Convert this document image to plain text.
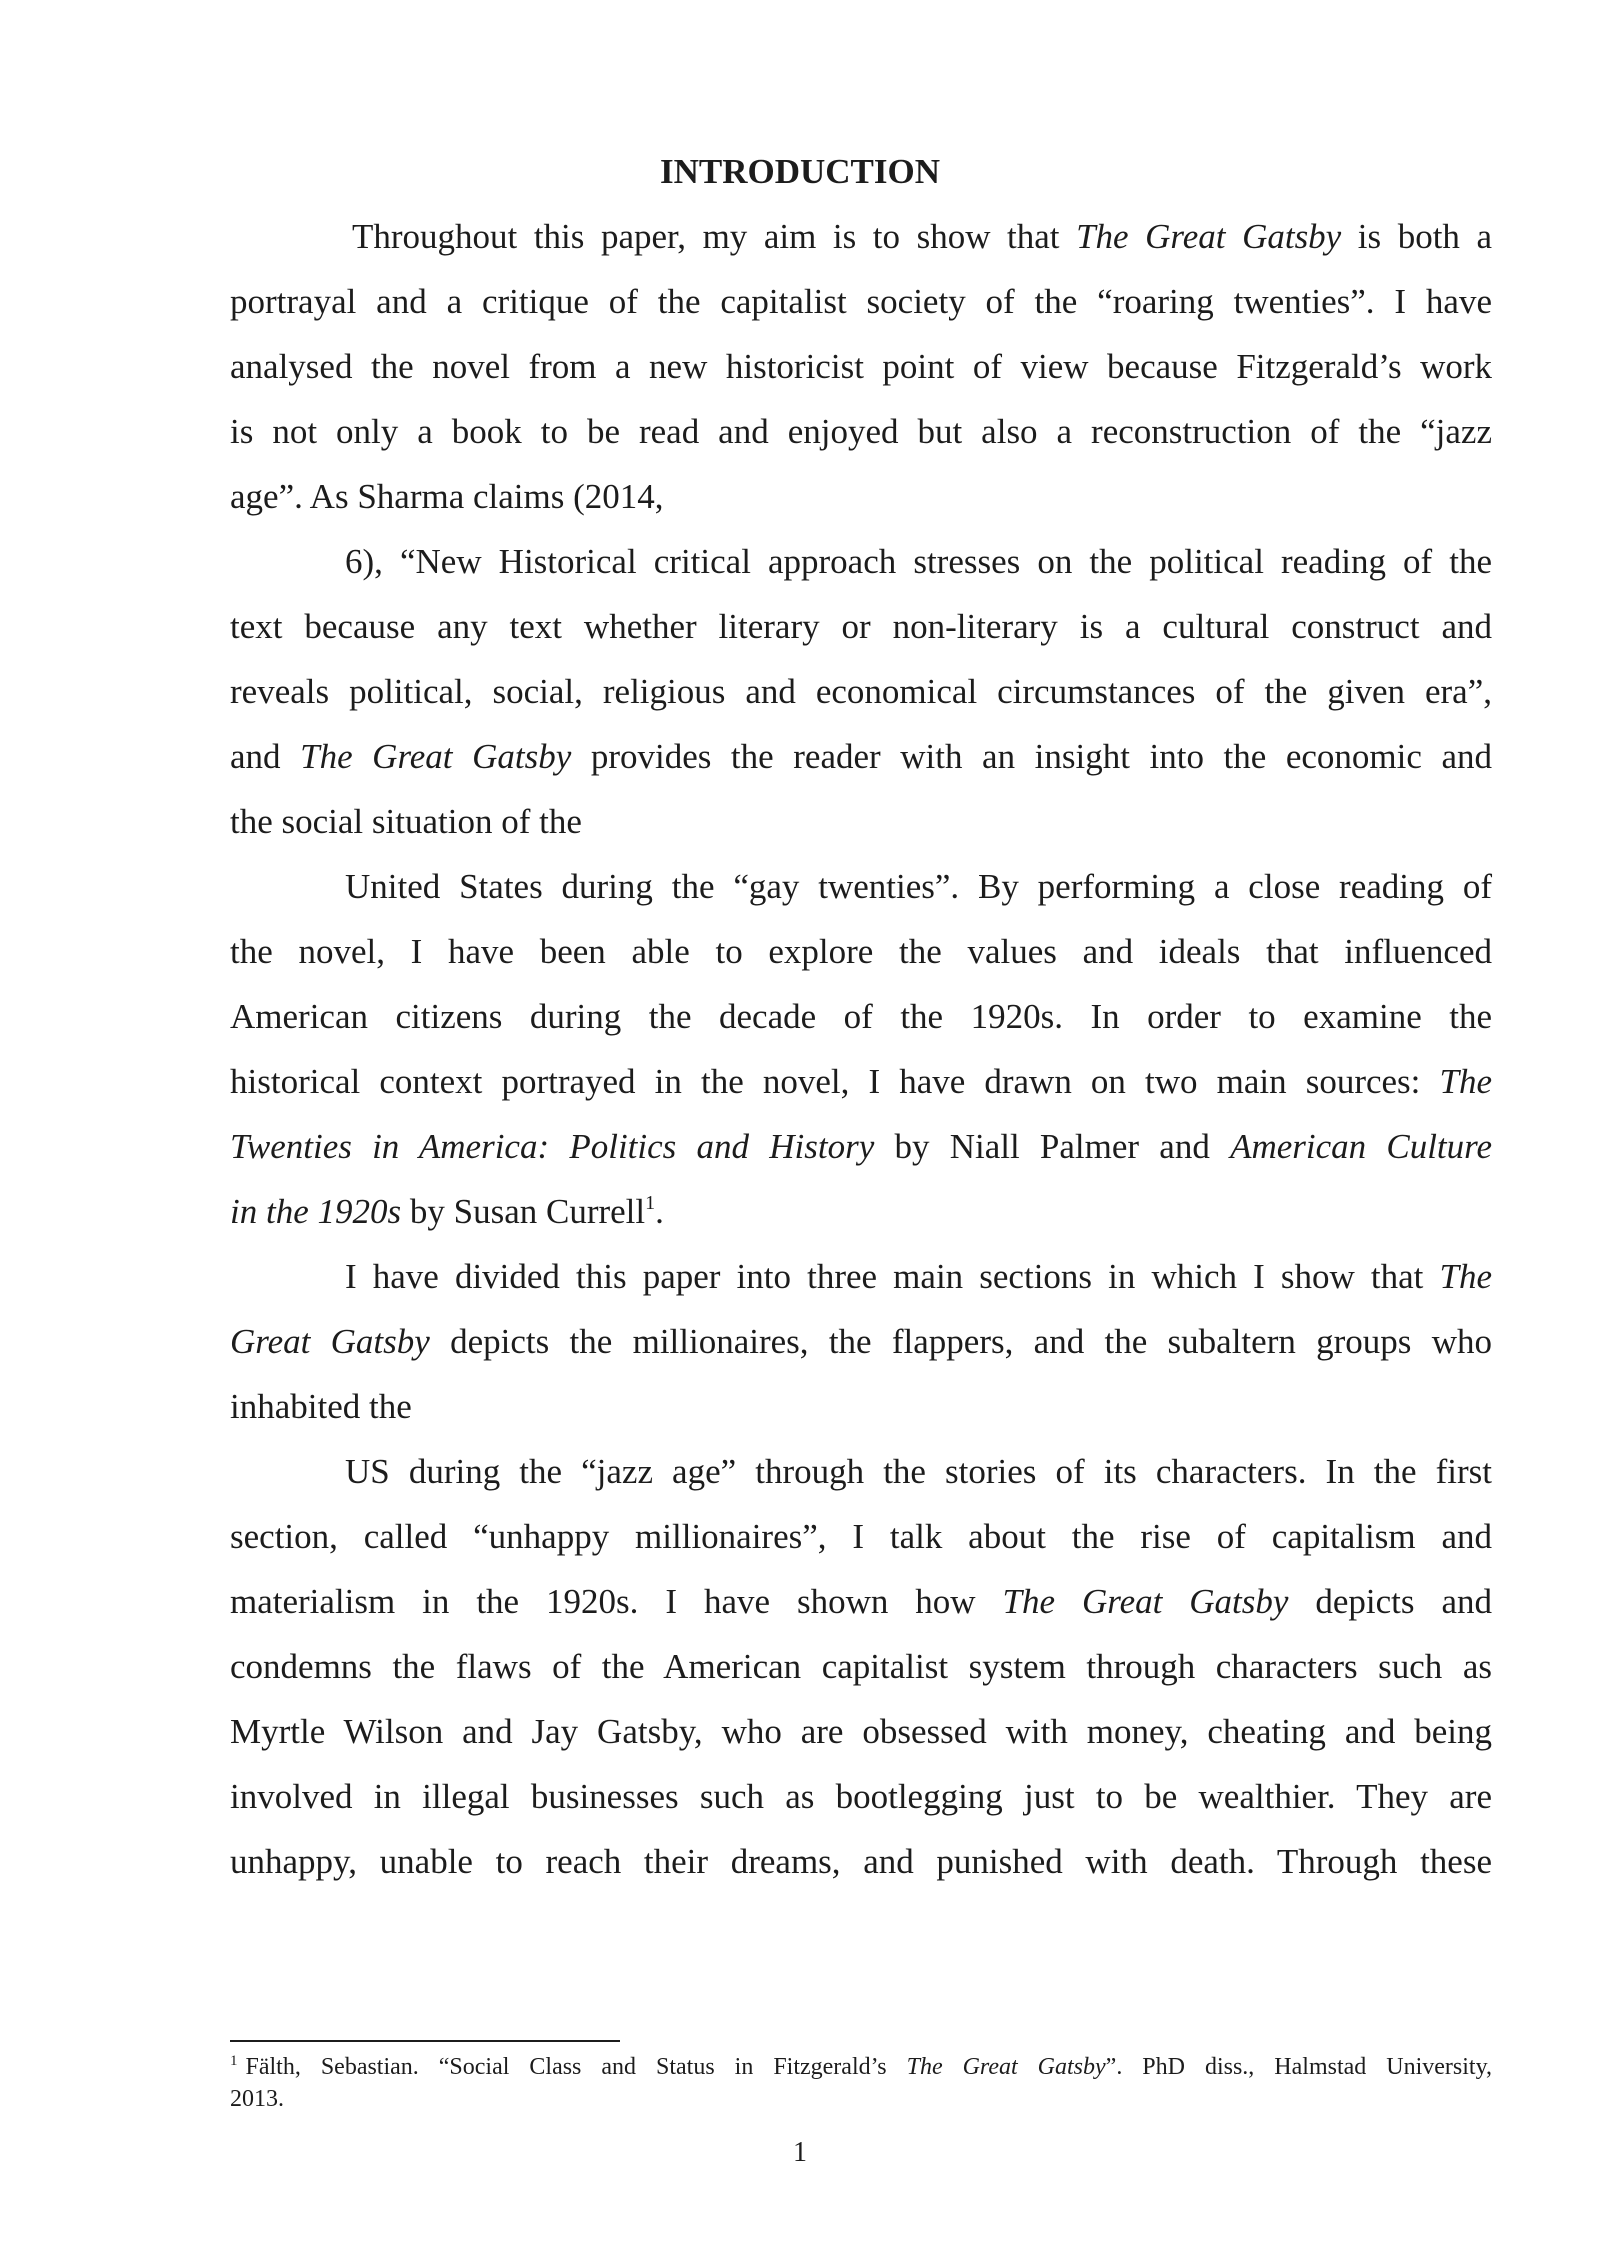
INTRODUCTION

Throughout this paper, my aim is to show that The Great Gatsby is both a

portrayal and a critique of the capitalist society of the “roaring twenties”. I have

analysed the novel from a new historicist point of view because Fitzgerald’s work

is not only a book to be read and enjoyed but also a reconstruction of the “jazz

age”. As Sharma claims (2014,

6), “New Historical critical approach stresses on the political reading of the

text because any text whether literary or non-literary is a cultural construct and

reveals political, social, religious and economical circumstances of the given era”,

and The Great Gatsby provides the reader with an insight into the economic and

the social situation of the

United States during the “gay twenties”. By performing a close reading of

the novel, I have been able to explore the values and ideals that influenced

American citizens during the decade of the 1920s. In order to examine the

historical context portrayed in the novel, I have drawn on two main sources: The

Twenties in America: Politics and History by Niall Palmer and American Culture

in the 1920s by Susan Currell$^1$.

I have divided this paper into three main sections in which I show that The

Great Gatsby depicts the millionaires, the flappers, and the subaltern groups who

inhabited the

US during the “jazz age” through the stories of its characters. In the first

section, called “unhappy millionaires”, I talk about the rise of capitalism and

materialism in the 1920s. I have shown how The Great Gatsby depicts and

condemns the flaws of the American capitalist system through characters such as

Myrtle Wilson and Jay Gatsby, who are obsessed with money, cheating and being

involved in illegal businesses such as bootlegging just to be wealthier. They are

unhappy, unable to reach their dreams, and punished with death. Through these

$^1$ Fälth, Sebastian. “Social Class and Status in Fitzgerald’s The Great Gatsby”. PhD diss., Halmstad University,

2013.

1
